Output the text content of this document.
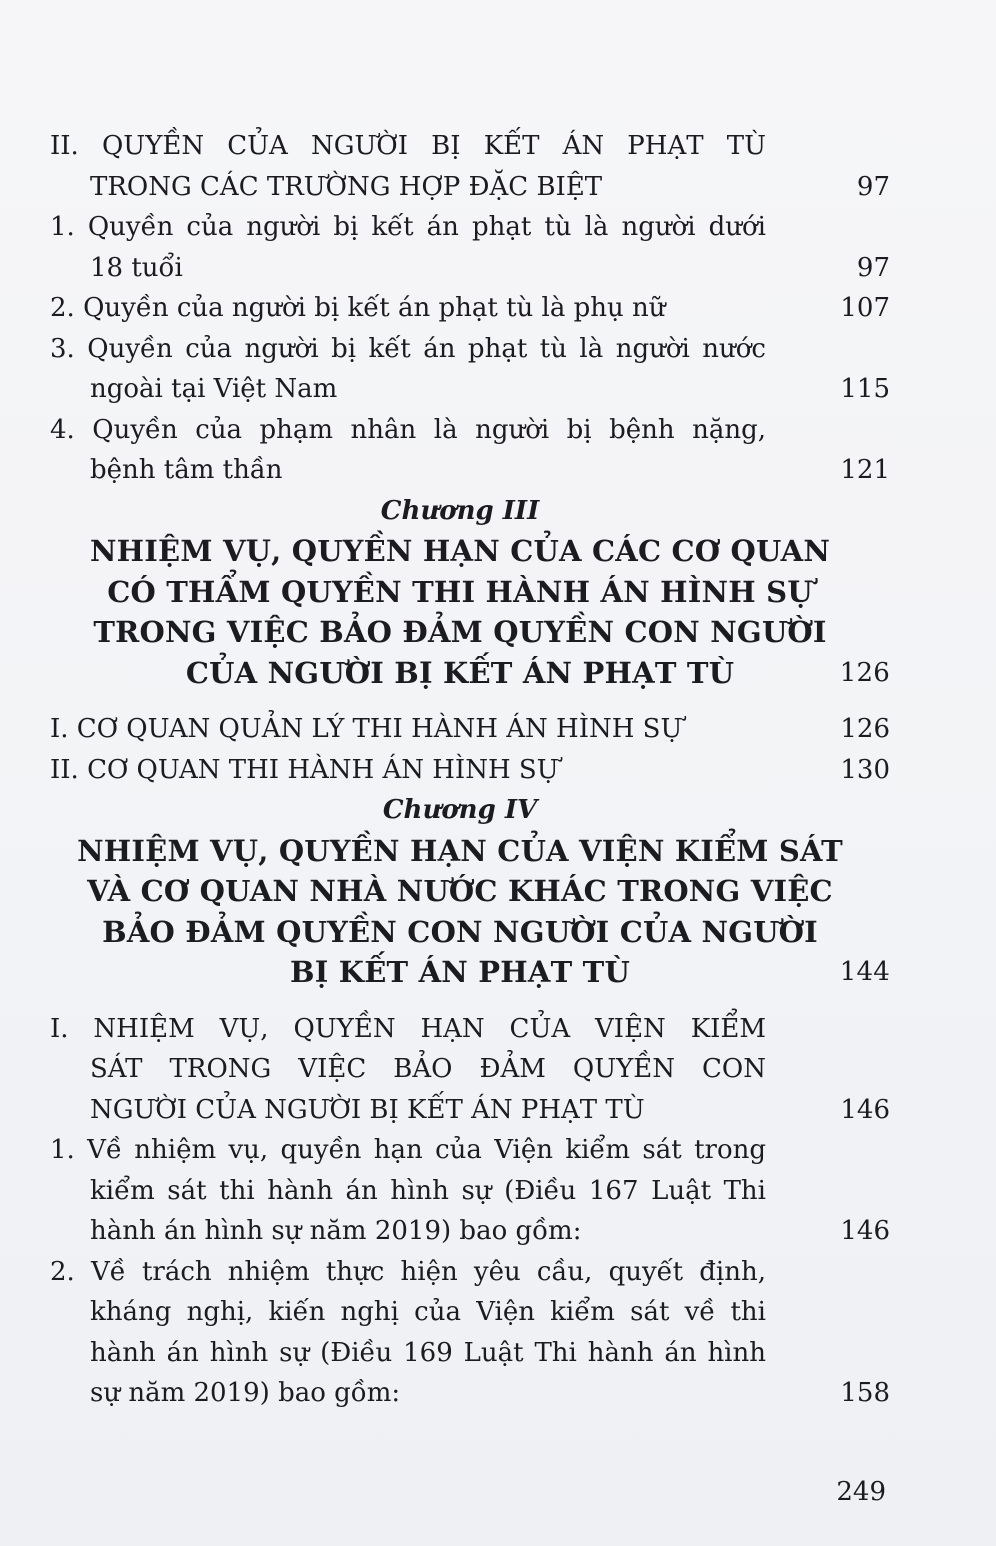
II. QUYỀN CỦA NGƯỜI BỊ KẾT ÁN PHẠT TÙ
TRONG CÁC TRƯỜNG HỢP ĐẶC BIỆT	97
1. Quyền của người bị kết án phạt tù là người dưới
18 tuổi	97
2. Quyền của người bị kết án phạt tù là phụ nữ	107
3. Quyền của người bị kết án phạt tù là người nước
ngoài tại Việt Nam	115
4. Quyền của phạm nhân là người bị bệnh nặng,
bệnh tâm thần	121
Chương III
NHIỆM VỤ, QUYỀN HẠN CỦA CÁC CƠ QUAN
CÓ THẨM QUYỀN THI HÀNH ÁN HÌNH SỰ
TRONG VIỆC BẢO ĐẢM QUYỀN CON NGƯỜI
CỦA NGƯỜI BỊ KẾT ÁN PHẠT TÙ	126
I. CƠ QUAN QUẢN LÝ THI HÀNH ÁN HÌNH SỰ	126
II. CƠ QUAN THI HÀNH ÁN HÌNH SỰ	130
Chương IV
NHIỆM VỤ, QUYỀN HẠN CỦA VIỆN KIỂM SÁT
VÀ CƠ QUAN NHÀ NƯỚC KHÁC TRONG VIỆC
BẢO ĐẢM QUYỀN CON NGƯỜI CỦA NGƯỜI
BỊ KẾT ÁN PHẠT TÙ	144
I. NHIỆM VỤ, QUYỀN HẠN CỦA VIỆN KIỂM
SÁT TRONG VIỆC BẢO ĐẢM QUYỀN CON
NGƯỜI CỦA NGƯỜI BỊ KẾT ÁN PHẠT TÙ	146
1. Về nhiệm vụ, quyền hạn của Viện kiểm sát trong
kiểm sát thi hành án hình sự (Điều 167 Luật Thi
hành án hình sự năm 2019) bao gồm:	146
2. Về trách nhiệm thực hiện yêu cầu, quyết định,
kháng nghị, kiến nghị của Viện kiểm sát về thi
hành án hình sự (Điều 169 Luật Thi hành án hình
sự năm 2019) bao gồm:	158
249
